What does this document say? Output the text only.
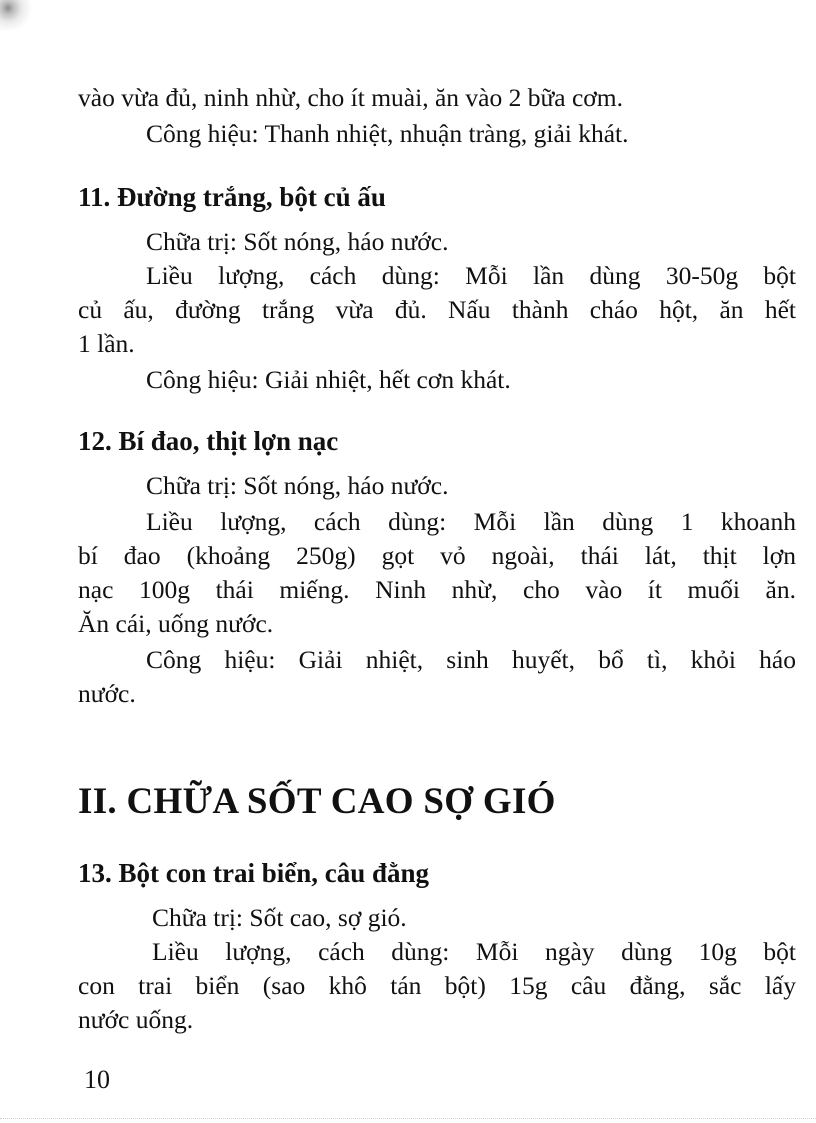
vào vừa đủ, ninh nhừ, cho ít muài, ăn vào 2 bữa cơm.
Công hiệu: Thanh nhiệt, nhuận tràng, giải khát.
11. Đường trắng, bột củ ấu
Chữa trị: Sốt nóng, háo nước.
Liều lượng, cách dùng: Mỗi lần dùng 30-50g bột
củ ấu, đường trắng vừa đủ. Nấu thành cháo hột, ăn hết
1 lần.
Công hiệu: Giải nhiệt, hết cơn khát.
12. Bí đao, thịt lợn nạc
Chữa trị: Sốt nóng, háo nước.
Liều lượng, cách dùng: Mỗi lần dùng 1 khoanh
bí đao (khoảng 250g) gọt vỏ ngoài, thái lát, thịt lợn
nạc 100g thái miếng. Ninh nhừ, cho vào ít muối ăn.
Ăn cái, uống nước.
Công hiệu: Giải nhiệt, sinh huyết, bổ tì, khỏi háo
nước.
II. CHỮA SỐT CAO SỢ GIÓ
13. Bột con trai biển, câu đằng
Chữa trị: Sốt cao, sợ gió.
Liều lượng, cách dùng: Mỗi ngày dùng 10g bột
con trai biển (sao khô tán bột) 15g câu đằng, sắc lấy
nước uống.
10
